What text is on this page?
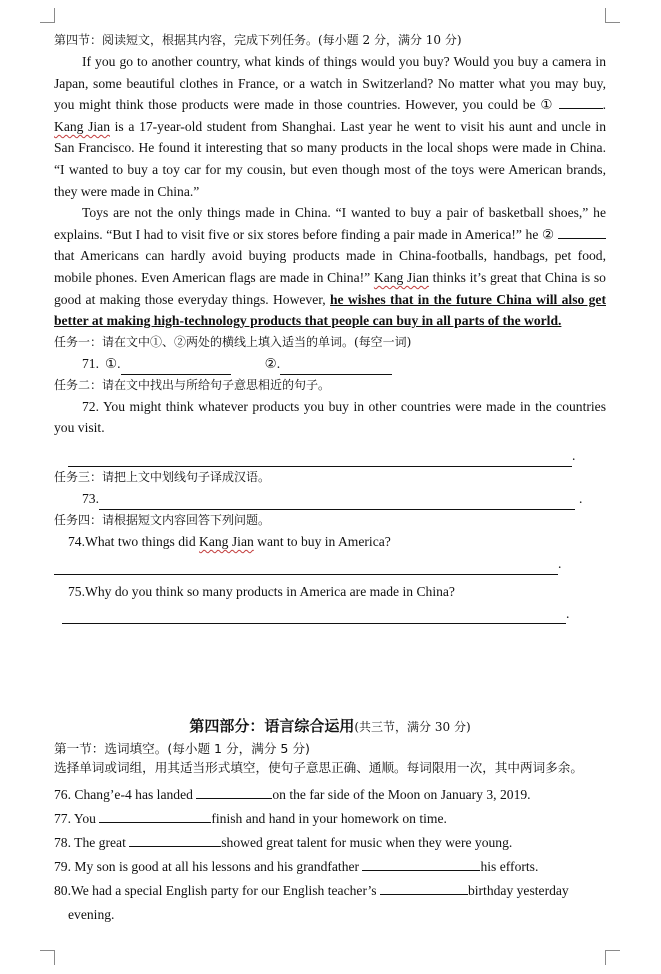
第四节：阅读短文，根据其内容，完成下列任务。(每小题 2 分，满分 10 分)

If you go to another country, what kinds of things would you buy? Would you buy a camera in Japan, some beautiful clothes in France, or a watch in Switzerland? No matter what you may buy, you might think those products were made in those countries. However, you could be ①	. Kang Jian is a 17-year-old student from Shanghai. Last year he went to visit his aunt and uncle in San Francisco. He found it interesting that so many products in the local shops were made in China. “I wanted to buy a toy car for my cousin, but even though most of the toys were American brands, they were made in China.”

Toys are not the only things made in China. “I wanted to buy a pair of basketball shoes,” he explains. “But I had to visit five or six stores before finding a pair made in America!” he ②  that Americans can hardly avoid buying products made in China-footballs, handbags, pet food, mobile phones. Even American flags are made in China!” Kang Jian thinks it’s great that China is so good at making those everyday things. However, he wishes that in the future China will also get better at making high-technology products that people can buy in all parts of the world.

任务一：请在文中①、②两处的横线上填入适当的单词。(每空一词)
71. ①.	②.
任务二：请在文中找出与所给句子意思相近的句子。

72. You might think whatever products you buy in other countries were made in the countries you visit.

.
任务三：请把上文中划线句子译成汉语。
73.	.
任务四：请根据短文内容回答下列问题。
74.What two things did Kang Jian want to buy in America?
.
75.Why do you think so many products in America are made in China?
.
第四部分：语言综合运用(共三节，满分 30 分)
第一节：选词填空。(每小题 1 分，满分 5 分)
选择单词或词组，用其适当形式填空，使句子意思正确、通顺。每词限用一次，其中两词多余。
76. Chang’e-4 has landed	on the far side of the Moon on January 3, 2019.
77. You	finish and hand in your homework on time.
78. The great	showed great talent for music when they were young.
79. My son is good at all his lessons and his grandfather	his efforts.
80.We had a special English party for our English teacher’s	birthday yesterday
evening.
